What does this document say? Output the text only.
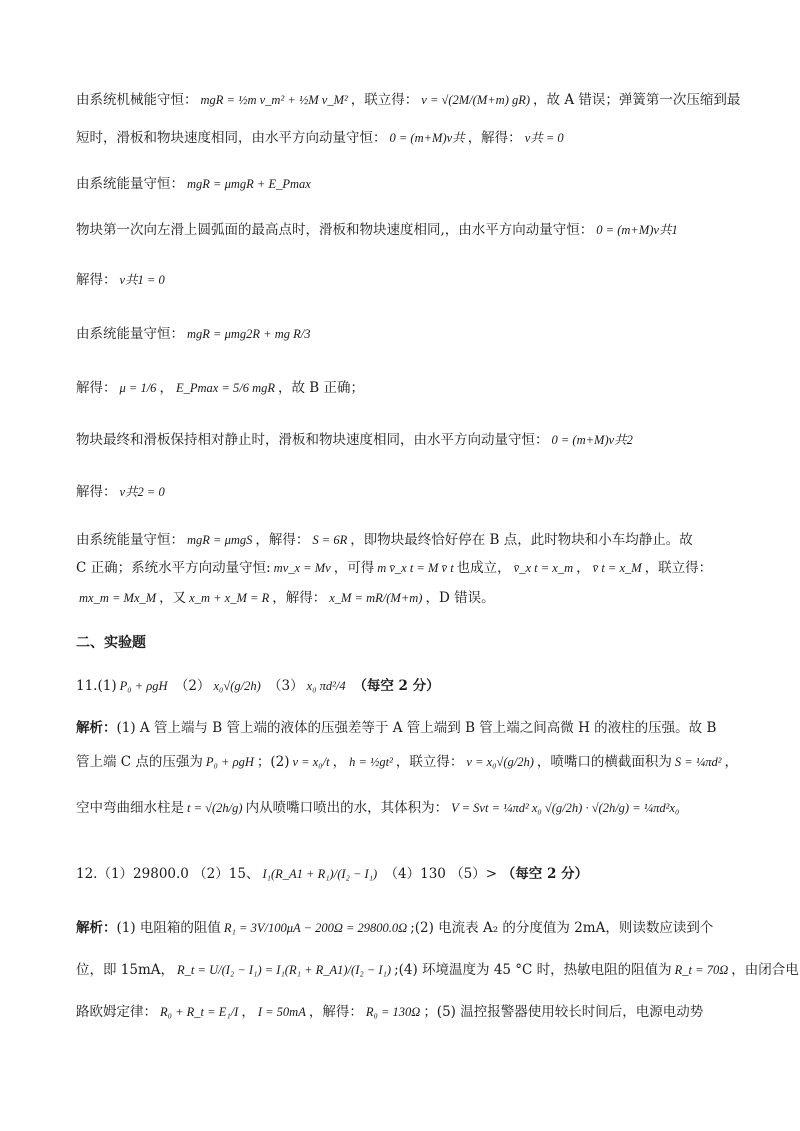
由系统机械能守恒： mgR = ½m v_m² + ½M v_M² ，联立得： v = √(2M/(M+m) gR) ，故 A 错误；弹簧第一次压缩到最
短时，滑板和物块速度相同，由水平方向动量守恒： 0 = (m+M)v共 ，解得： v共 = 0
由系统能量守恒： mgR = μmgR + E_Pmax
物块第一次向左滑上圆弧面的最高点时，滑板和物块速度相同,，由水平方向动量守恒： 0 = (m+M)v共1
解得： v共1 = 0
由系统能量守恒： mgR = μmg2R + mg R/3
解得： μ = 1/6 ， E_Pmax = 5/6 mgR ，故 B 正确；
物块最终和滑板保持相对静止时，滑板和物块速度相同，由水平方向动量守恒： 0 = (m+M)v共2
解得： v共2 = 0
由系统能量守恒： mgR = μmgS ，解得： S = 6R ，即物块最终恰好停在 B 点，此时物块和小车均静止。故
C 正确；系统水平方向动量守恒: mv_x = Mv ，可得 m v̄_x t = M v̄ t 也成立， v̄_x t = x_m ， v̄ t = x_M ，联立得：
mx_m = Mx_M ，又 x_m + x_M = R ，解得： x_M = mR/(M+m) ，D 错误。
二、实验题
11.(1) P₀ + ρgH （2） x₀√(g/2h) （3） x₀ πd²/4 （每空 2 分）
解析：(1) A 管上端与 B 管上端的液体的压强差等于 A 管上端到 B 管上端之间高微 H 的液柱的压强。故 B
管上端 C 点的压强为 P₀ + ρgH ；(2) v = x₀/t ， h = ½gt² ，联立得： v = x₀√(g/2h) ，喷嘴口的横截面积为 S = ¼πd² ，
空中弯曲细水柱是 t = √(2h/g) 内从喷嘴口喷出的水，其体积为： V = Svt = ¼πd² x₀ √(g/2h) · √(2h/g) = ¼πd²x₀
12.（1）29800.0 （2）15、 I₁(R_A1 + R₁)/(I₂ − I₁) （4）130 （5）> （每空 2 分）
解析：(1) 电阻箱的阻值 R₁ = 3V/100μA − 200Ω = 29800.0Ω ;(2) 电流表 A₂ 的分度值为 2mA，则读数应读到个
位，即 15mA， R_t = U/(I₂ − I₁) = I₁(R₁ + R_A1)/(I₂ − I₁) ;(4) 环境温度为 45 °C 时，热敏电阻的阻值为 R_t = 70Ω ，由闭合电
路欧姆定律： R₀ + R_t = E₁/I ， I = 50mA ，解得： R₀ = 130Ω ；(5) 温控报警器使用较长时间后，电源电动势
